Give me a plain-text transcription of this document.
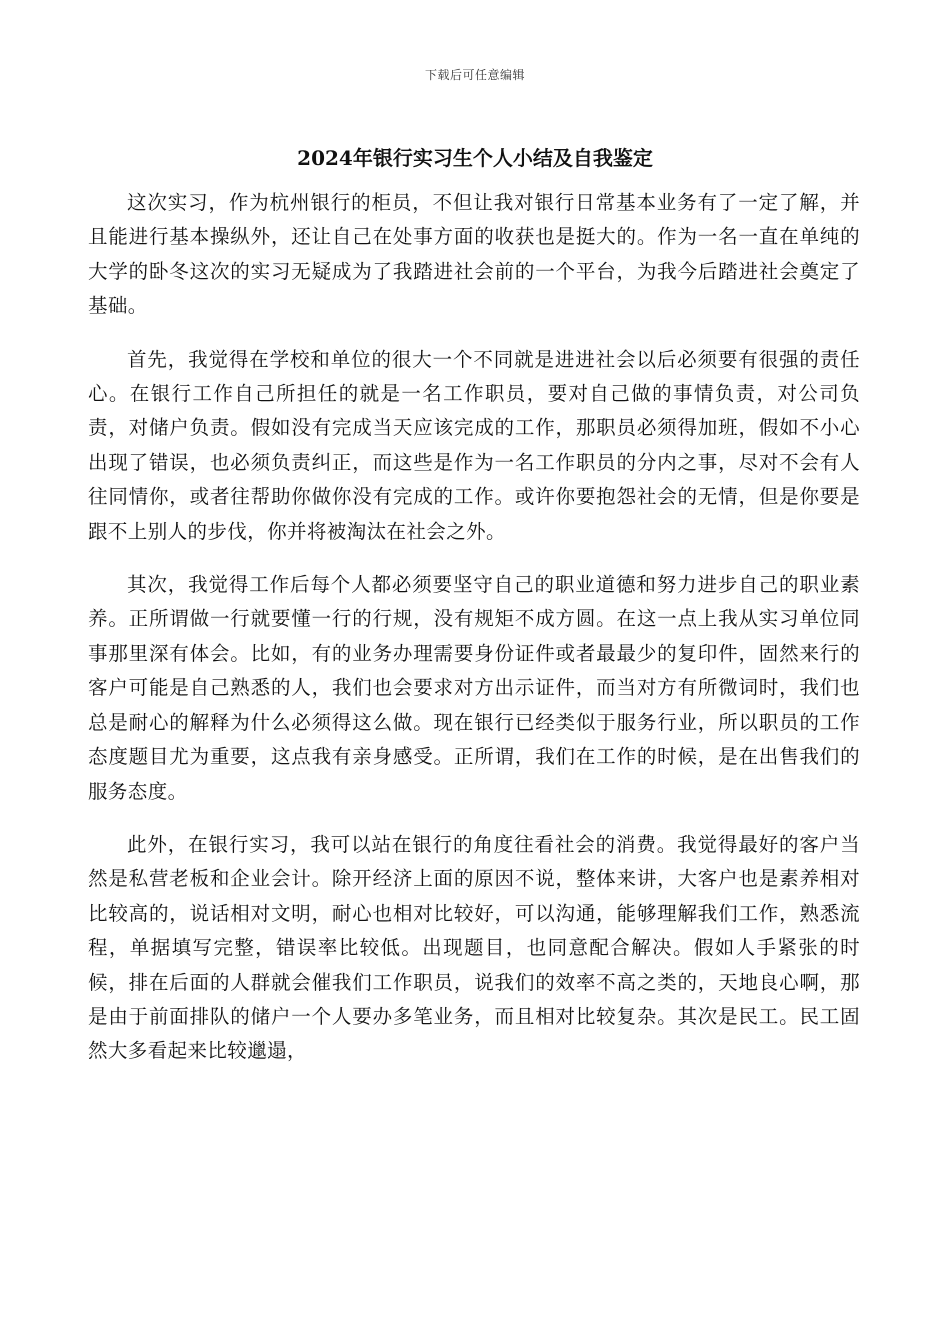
下载后可任意编辑
2024年银行实习生个人小结及自我鉴定

这次实习，作为杭州银行的柜员，不但让我对银行日常基本业务有了一定了解，并且能进行基本操纵外，还让自己在处事方面的收获也是挺大的。作为一名一直在单纯的大学的卧冬这次的实习无疑成为了我踏进社会前的一个平台，为我今后踏进社会奠定了基础。

首先，我觉得在学校和单位的很大一个不同就是进进社会以后必须要有很强的责任心。在银行工作自己所担任的就是一名工作职员，要对自己做的事情负责，对公司负责，对储户负责。假如没有完成当天应该完成的工作，那职员必须得加班，假如不小心出现了错误，也必须负责纠正，而这些是作为一名工作职员的分内之事，尽对不会有人往同情你，或者往帮助你做你没有完成的工作。或许你要抱怨社会的无情，但是你要是跟不上别人的步伐，你并将被淘汰在社会之外。

其次，我觉得工作后每个人都必须要坚守自己的职业道德和努力进步自己的职业素养。正所谓做一行就要懂一行的行规，没有规矩不成方圆。在这一点上我从实习单位同事那里深有体会。比如，有的业务办理需要身份证件或者最最少的复印件，固然来行的客户可能是自己熟悉的人，我们也会要求对方出示证件，而当对方有所微词时，我们也总是耐心的解释为什么必须得这么做。现在银行已经类似于服务行业，所以职员的工作态度题目尤为重要，这点我有亲身感受。正所谓，我们在工作的时候，是在出售我们的服务态度。

此外，在银行实习，我可以站在银行的角度往看社会的消费。我觉得最好的客户当然是私营老板和企业会计。除开经济上面的原因不说，整体来讲，大客户也是素养相对比较高的，说话相对文明，耐心也相对比较好，可以沟通，能够理解我们工作，熟悉流程，单据填写完整，错误率比较低。出现题目，也同意配合解决。假如人手紧张的时候，排在后面的人群就会催我们工作职员，说我们的效率不高之类的，天地良心啊，那是由于前面排队的储户一个人要办多笔业务，而且相对比较复杂。其次是民工。民工固然大多看起来比较邋遢，
